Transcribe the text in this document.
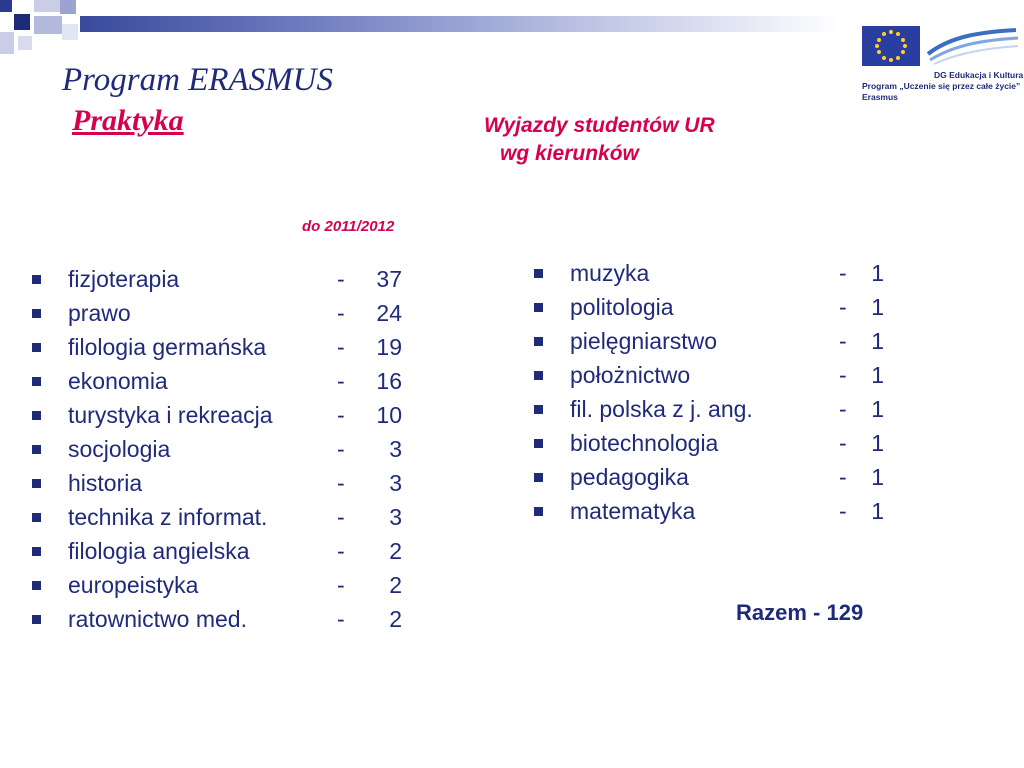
DG Edukacja i Kultura
Program „Uczenie się przez całe życie”
Erasmus
Program ERASMUS
Praktyka	Wyjazdy studentów UR
wg kierunków
do 2011/2012
fizjoterapia	-	37
prawo	-	24
filologia germańska	-	19
ekonomia	-	16
turystyka i rekreacja	-	10
socjologia	-	3
historia	-	3
technika z informat.	-	3
filologia angielska	-	2
europeistyka	-	2
ratownictwo med.	-	2
muzyka	-	1
politologia	-	1
pielęgniarstwo	-	1
położnictwo	-	1
fil. polska z j. ang.	-	1
biotechnologia	-	1
pedagogika	-	1
matematyka	-	1
Razem - 129
